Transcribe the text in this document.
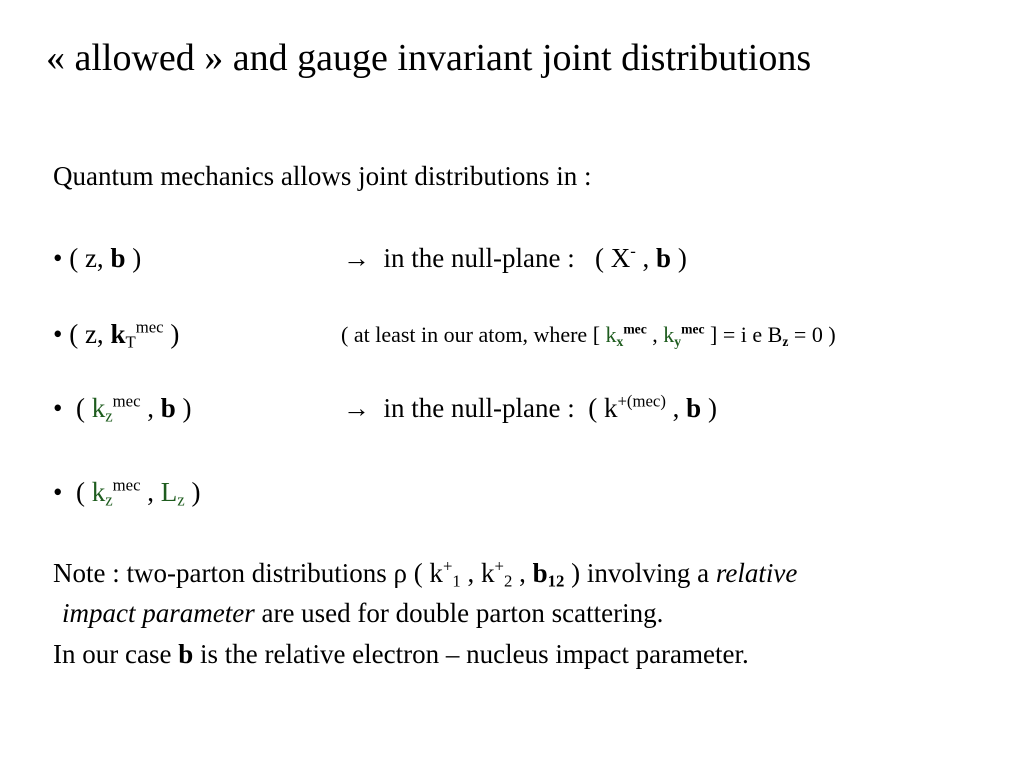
« allowed » and gauge invariant joint distributions
Quantum mechanics allows joint distributions in :
• ( z, b )	→ in the null-plane : ( X- , b )
• ( z, $k_T^{mec}$ )	( at least in our atom, where [ $k_x^{mec}$ , $k_y^{mec}$ ] = i e $B_z = 0$ )
• ( $k_z^{mec}$ , b )	→ in the null-plane : ( $k^{+(mec)}$ , b )
• ( $k_z^{mec}$ , $L_z$ )
Note : two-parton distributions ρ ( $k^+_1$ , $k^+_2$ , $b_{12}$ ) involving a relative
impact parameter are used for double parton scattering.
In our case b is the relative electron – nucleus impact parameter.
